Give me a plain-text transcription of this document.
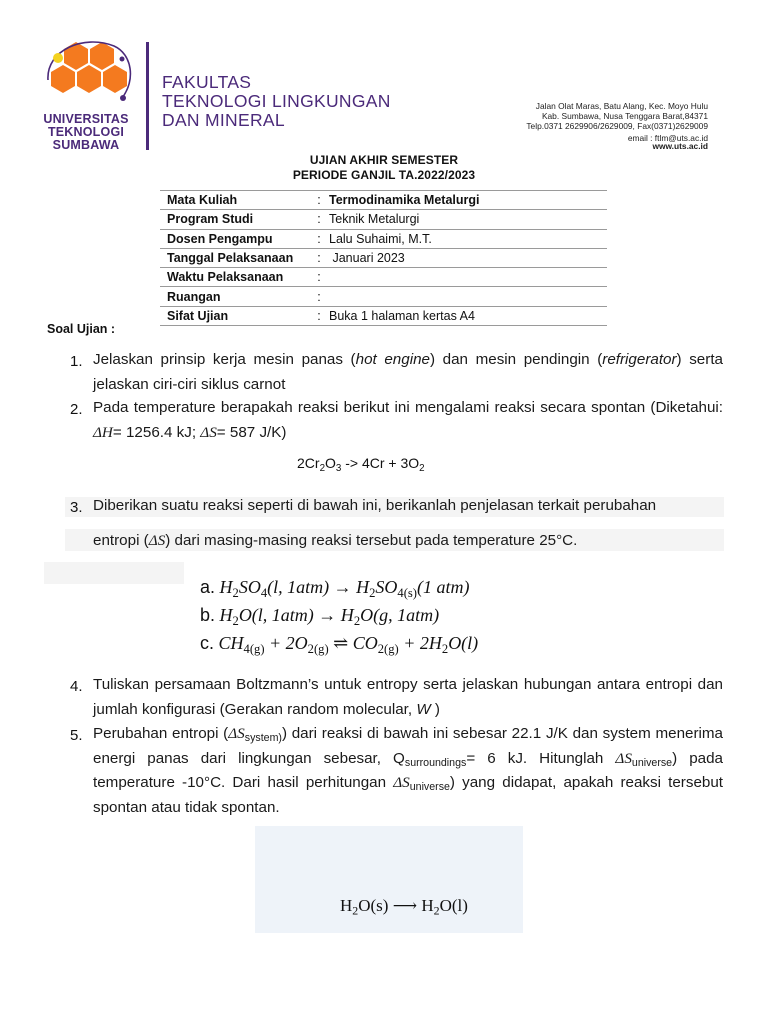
UNIVERSITAS
TEKNOLOGI
SUMBAWA
FAKULTAS
TEKNOLOGI LINGKUNGAN
DAN MINERAL
Jalan Olat Maras, Batu Alang, Kec. Moyo Hulu
Kab. Sumbawa, Nusa Tenggara Barat,84371
Telp.0371 2629906/2629009, Fax(0371)2629009
email : ftlm@uts.ac.id
www.uts.ac.id
UJIAN AKHIR SEMESTER
PERIODE GANJIL TA.2022/2023
Mata Kuliah	:	Termodinamika Metalurgi
Program Studi	:	Teknik Metalurgi
Dosen Pengampu	:	Lalu Suhaimi, M.T.
Tanggal Pelaksanaan	:	Januari 2023
Waktu Pelaksanaan	:	
Ruangan	:	
Sifat Ujian	:	Buka 1 halaman kertas A4
Soal Ujian :
1. Jelaskan prinsip kerja mesin panas (hot engine) dan mesin pendingin (refrigerator) serta jelaskan ciri-ciri siklus carnot
2. Pada temperature berapakah reaksi berikut ini mengalami reaksi secara spontan (Diketahui: ΔH= 1256.4 kJ; ΔS= 587 J/K)
$2Cr_2O_3 -> 4Cr + 3O_2$
3. Diberikan suatu reaksi seperti di bawah ini, berikanlah penjelasan terkait perubahan
entropi (ΔS) dari masing-masing reaksi tersebut pada temperature 25°C.
a. $H_2SO_4(l$, $1atm) \to H_2SO_{4(s)}(1$ atm)
b. $H_2O(l$, $1atm) \to H_2O(g$, 1atm)
c. $CH_{4(g)} + 2O_{2(g)}$ ⇌ $CO_{2(g)} + 2H_2O(l)$
4. Tuliskan persamaan Boltzmann’s untuk entropy serta jelaskan hubungan antara entropi dan jumlah konfigurasi (Gerakan random molecular, W )
5. Perubahan entropi $(\Delta S_{system)})$ dari reaksi di bawah ini sebesar 22.1 J/K dan system menerima energi panas dari lingkungan sebesar, $Q_{surroundings}= 6$ kJ. Hitunglah $\Delta S_{universe}$) pada temperature -10°C. Dari hasil perhitungan $\Delta S_{universe}$) yang didapat, apakah reaksi tersebut spontan atau tidak spontan.
$H_2O(s)$ ⟶ $H_2O(l)$
